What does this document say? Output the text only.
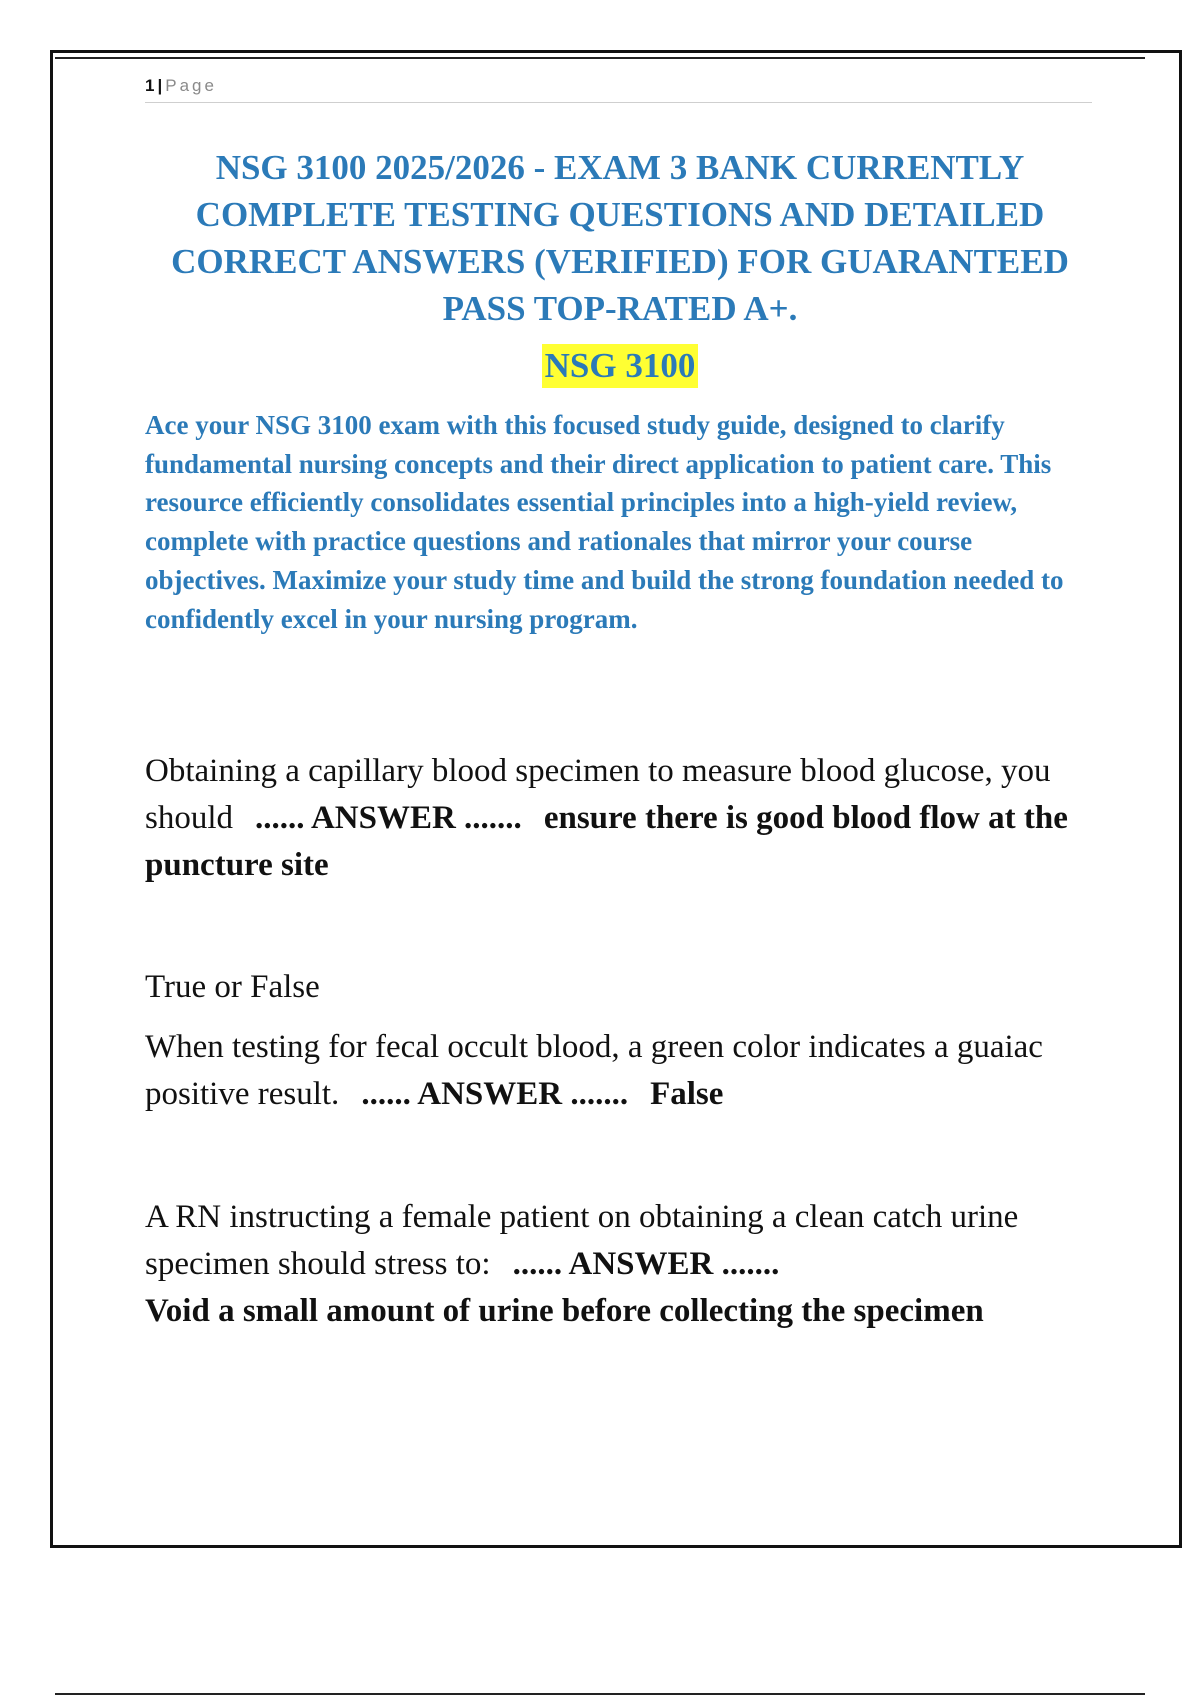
1 | Page
NSG 3100 2025/2026 - EXAM 3 BANK CURRENTLY COMPLETE TESTING QUESTIONS AND DETAILED CORRECT ANSWERS (VERIFIED) FOR GUARANTEED PASS TOP-RATED A+.
NSG 3100

Ace your NSG 3100 exam with this focused study guide, designed to clarify fundamental nursing concepts and their direct application to patient care. This resource efficiently consolidates essential principles into a high-yield review, complete with practice questions and rationales that mirror your course objectives. Maximize your study time and build the strong foundation needed to confidently excel in your nursing program.

Obtaining a capillary blood specimen to measure blood glucose, you should ...... ANSWER ....... ensure there is good blood flow at the puncture site

True or False

When testing for fecal occult blood, a green color indicates a guaiac positive result. ...... ANSWER ....... False

A RN instructing a female patient on obtaining a clean catch urine specimen should stress to: ...... ANSWER .......
Void a small amount of urine before collecting the specimen
